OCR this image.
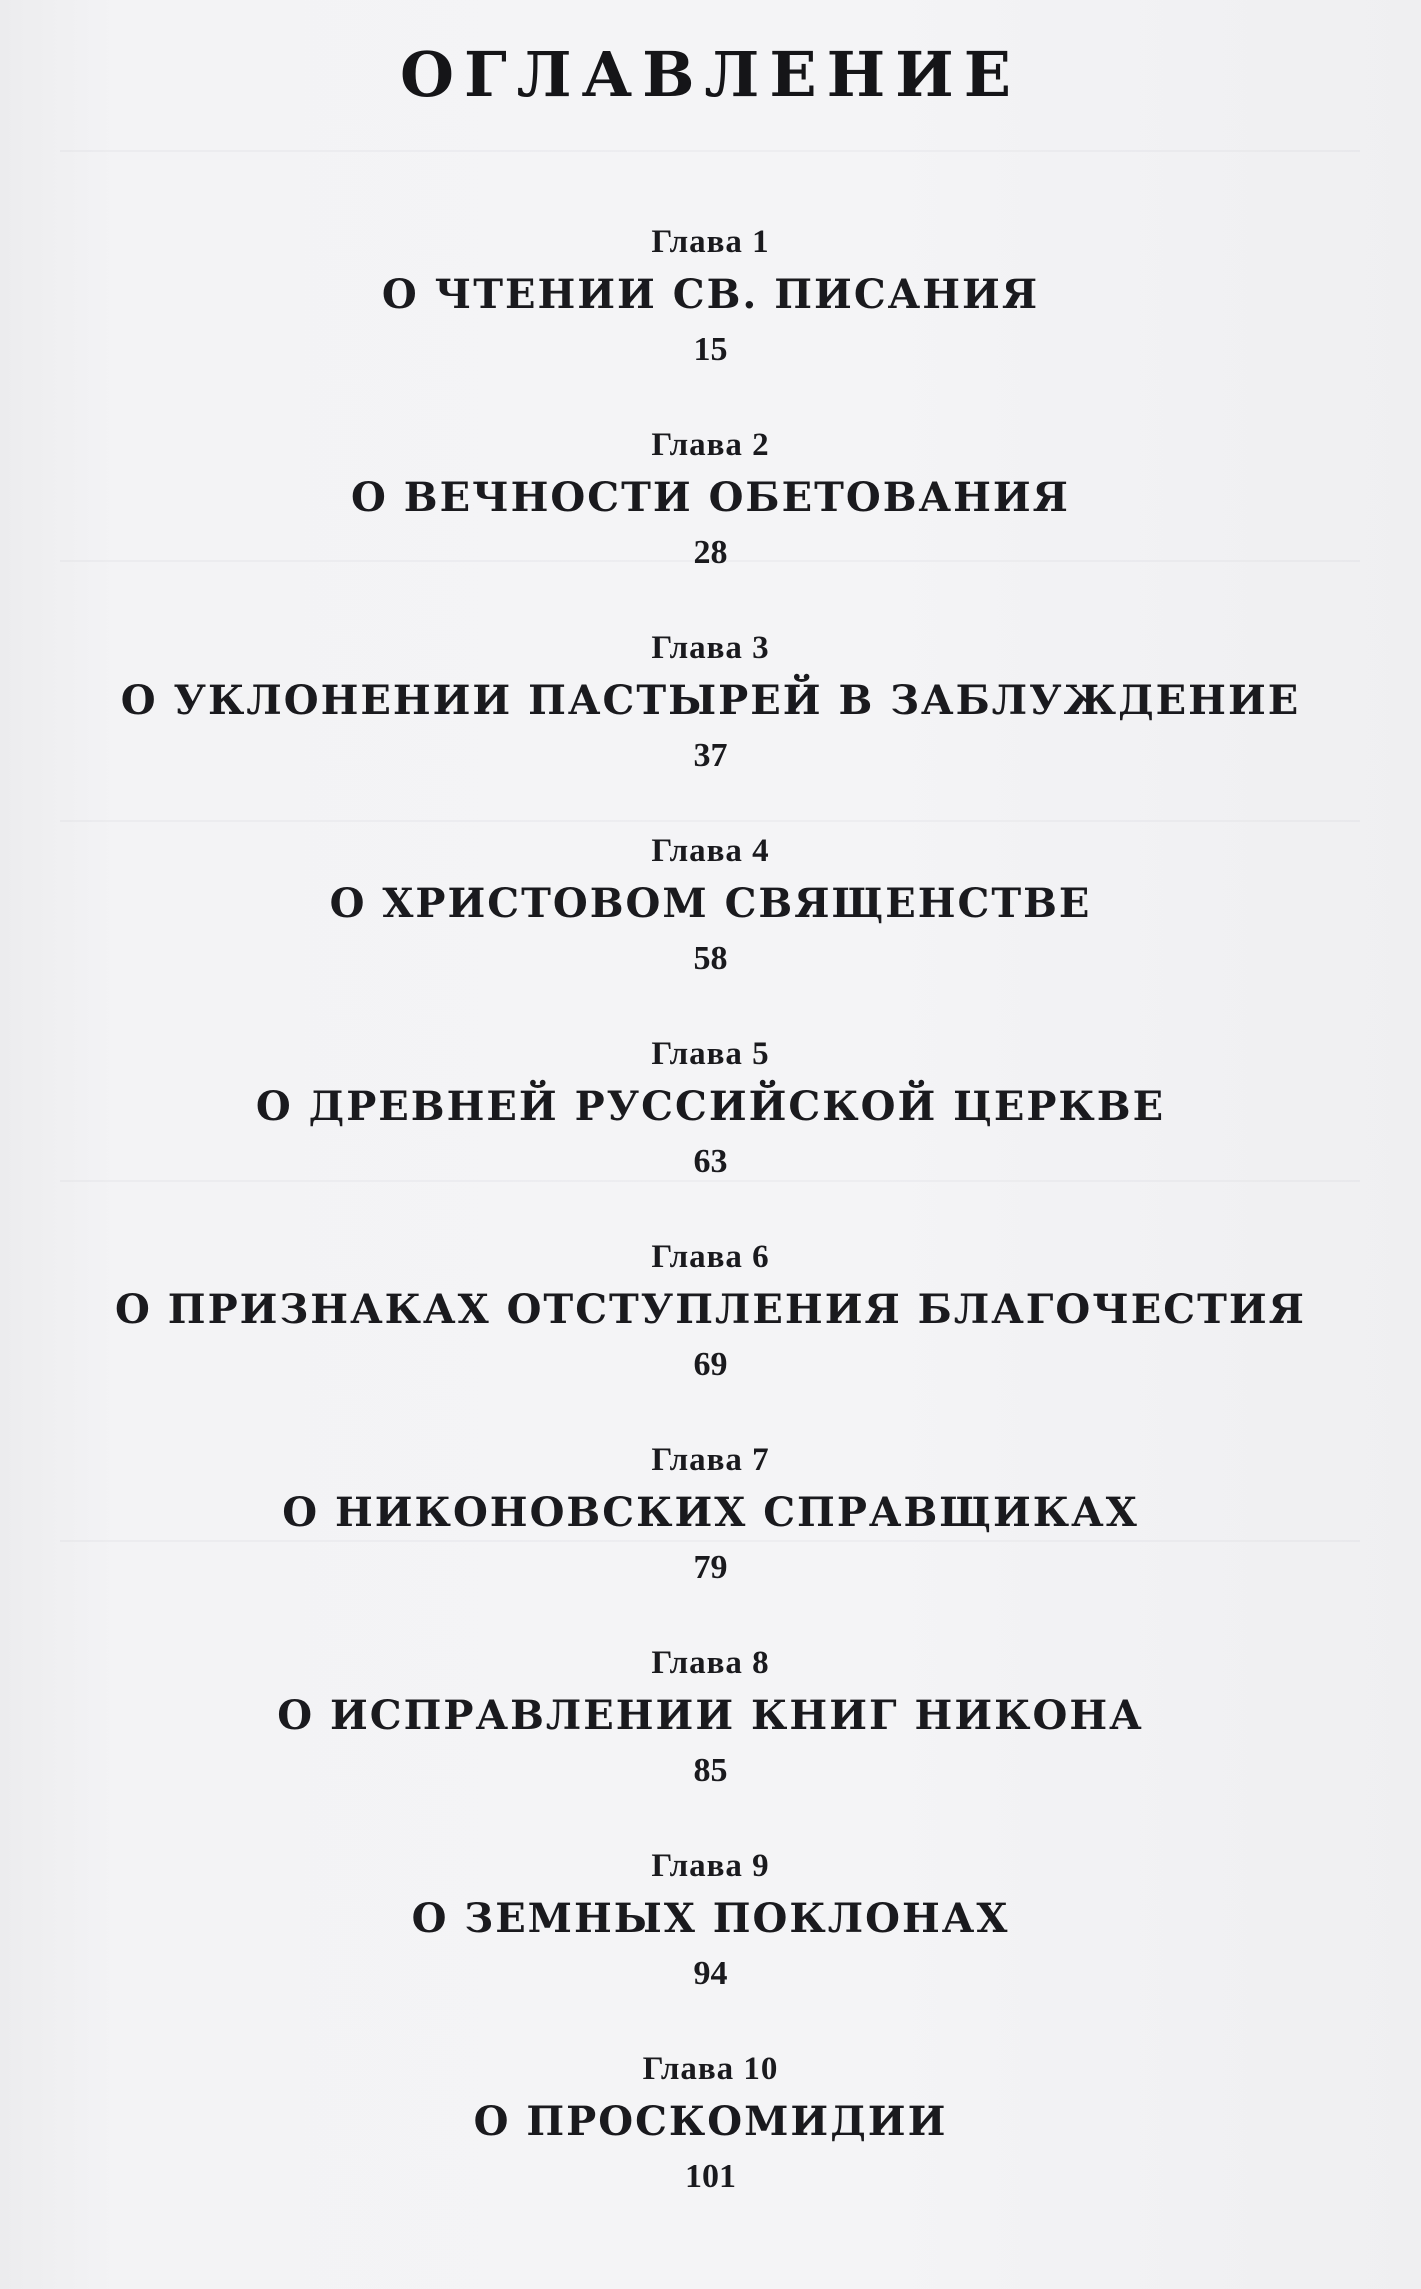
ОГЛАВЛЕНИЕ
Глава 1
О ЧТЕНИИ СВ. ПИСАНИЯ
15
Глава 2
О ВЕЧНОСТИ ОБЕТОВАНИЯ
28
Глава 3
О УКЛОНЕНИИ ПАСТЫРЕЙ В ЗАБЛУЖДЕНИЕ
37
Глава 4
О ХРИСТОВОМ СВЯЩЕНСТВЕ
58
Глава 5
О ДРЕВНЕЙ РУССИЙСКОЙ ЦЕРКВЕ
63
Глава 6
О ПРИЗНАКАХ ОТСТУПЛЕНИЯ БЛАГОЧЕСТИЯ
69
Глава 7
О НИКОНОВСКИХ СПРАВЩИКАХ
79
Глава 8
О ИСПРАВЛЕНИИ КНИГ НИКОНА
85
Глава 9
О ЗЕМНЫХ ПОКЛОНАХ
94
Глава 10
О ПРОСКОМИДИИ
101
